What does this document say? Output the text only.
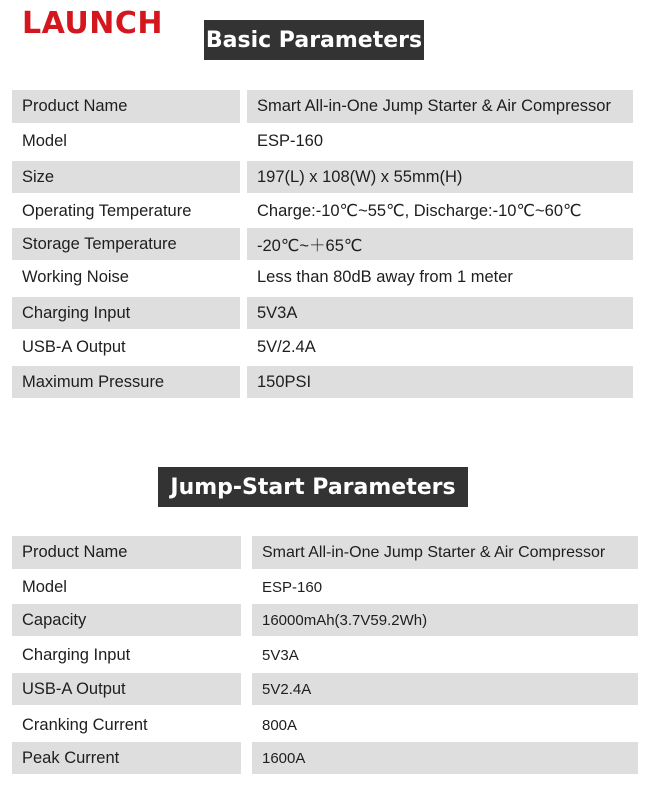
LAUNCH Basic Parameters
Product Name	Smart All-in-One Jump Starter & Air Compressor
Model	ESP-160
Size	197(L) x 108(W) x 55mm(H)
Operating Temperature	Charge:-10℃~55℃, Discharge:-10℃~60℃
Storage Temperature	-20℃~＋65℃
Working Noise	Less than 80dB away from 1 meter
Charging Input	5V3A
USB-A Output	5V/2.4A
Maximum Pressure	150PSI
Jump-Start Parameters
Product Name	Smart All-in-One Jump Starter & Air Compressor
Model	ESP-160
Capacity	16000mAh(3.7V59.2Wh)
Charging Input	5V3A
USB-A Output	5V2.4A
Cranking Current	800A
Peak Current	1600A
